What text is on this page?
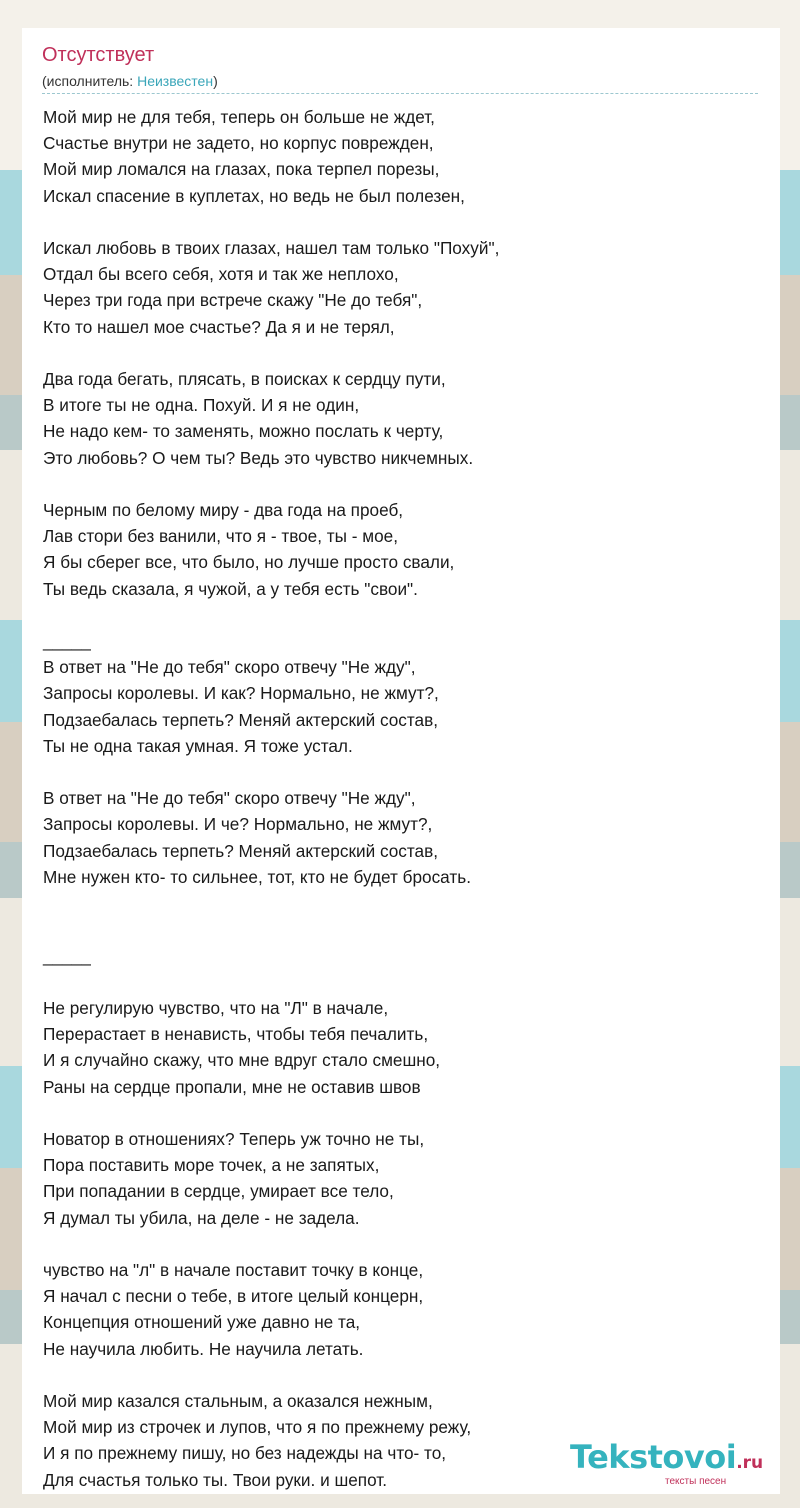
Отсутствует
(исполнитель: Неизвестен)
Мой мир не для тебя, теперь он больше не ждет,
Счастье внутри не задето, но корпус поврежден,
Мой мир ломался на глазах, пока терпел порезы,
Искал спасение в куплетах, но ведь не был полезен,

Искал любовь в твоих глазах, нашел там только "Похуй",
Отдал бы всего себя, хотя и так же неплохо,
Через три года при встрече скажу "Не до тебя",
Кто то нашел мое счастье? Да я и не терял,

Два года бегать, плясать, в поисках к сердцу пути,
В итоге ты не одна. Похуй. И я не один,
Не надо кем- то заменять, можно послать к черту,
Это любовь? О чем ты? Ведь это чувство никчемных.

Черным по белому миру - два года на проеб,
Лав стори без ванили, что я - твое, ты - мое,
Я бы сберег все, что было, но лучше просто свали,
Ты ведь сказала, я чужой, а у тебя есть "свои".

_____
В ответ на "Не до тебя" скоро отвечу "Не жду",
Запросы королевы. И как? Нормально, не жмут?,
Подзаебалась терпеть? Меняй актерский состав,
Ты не одна такая умная. Я тоже устал.

В ответ на "Не до тебя" скоро отвечу "Не жду",
Запросы королевы. И че? Нормально, не жмут?,
Подзаебалась терпеть? Меняй актерский состав,
Мне нужен кто- то сильнее, тот, кто не будет бросать.

_____

Не регулирую чувство, что на "Л" в начале,
Перерастает в ненависть, чтобы тебя печалить,
И я случайно скажу, что мне вдруг стало смешно,
Раны на сердце пропали, мне не оставив швов

Новатор в отношениях? Теперь уж точно не ты,
Пора поставить море точек, а не запятых,
При попадании в сердце, умирает все тело,
Я думал ты убила, на деле - не задела.

чувство на "л" в начале поставит точку в конце,
Я начал с песни о тебе, в итоге целый концерн,
Концепция отношений уже давно не та,
Не научила любить. Не научила летать.

Мой мир казался стальным, а оказался нежным,
Мой мир из строчек и лупов, что я по прежнему режу,
И я по прежнему пишу, но без надежды на что- то,
Для счастья только ты. Твои руки. и шепот.
Tekstovoi.ru
тексты песен
